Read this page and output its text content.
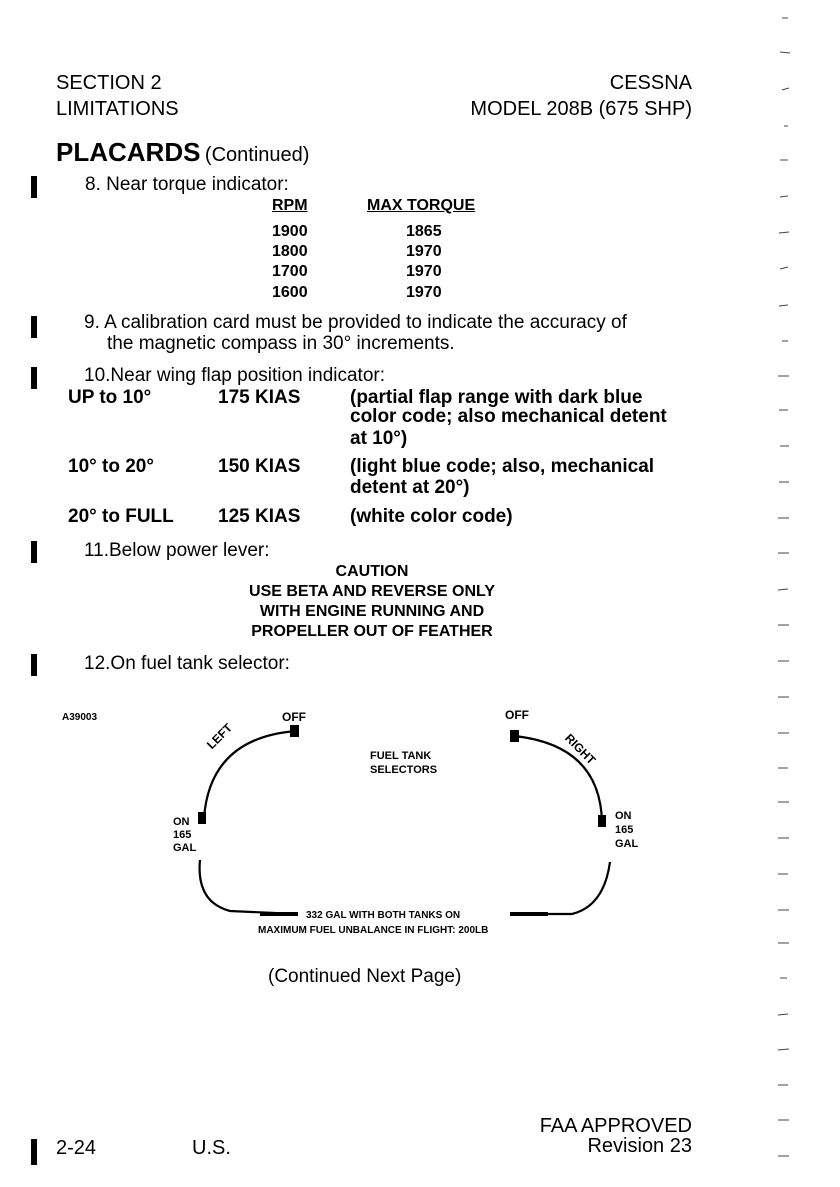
SECTION 2
LIMITATIONS
CESSNA
MODEL 208B (675 SHP)
PLACARDS (Continued)
8. Near torque indicator:
RPM	MAX TORQUE
1900	1865
1800	1970
1700	1970
1600	1970
9. A calibration card must be provided to indicate the accuracy of
the magnetic compass in 30° increments.
10.Near wing flap position indicator:
UP to 10°	175 KIAS	(partial flap range with dark blue
color code; also mechanical detent
at 10°)
10° to 20°	150 KIAS	(light blue code; also, mechanical
detent at 20°)
20° to FULL 125 KIAS	(white color code)
11.Below power lever:
CAUTION
USE BETA AND REVERSE ONLY
WITH ENGINE RUNNING AND
PROPELLER OUT OF FEATHER
12.On fuel tank selector:
A39003	OFF	OFF
LEFT	RIGHT
FUEL TANK
SELECTORS
ON
165
GAL
ON
165
GAL
332 GAL WITH BOTH TANKS ON
MAXIMUM FUEL UNBALANCE IN FLIGHT: 200LB
(Continued Next Page)
2-24	U.S.
FAA APPROVED
Revision 23
